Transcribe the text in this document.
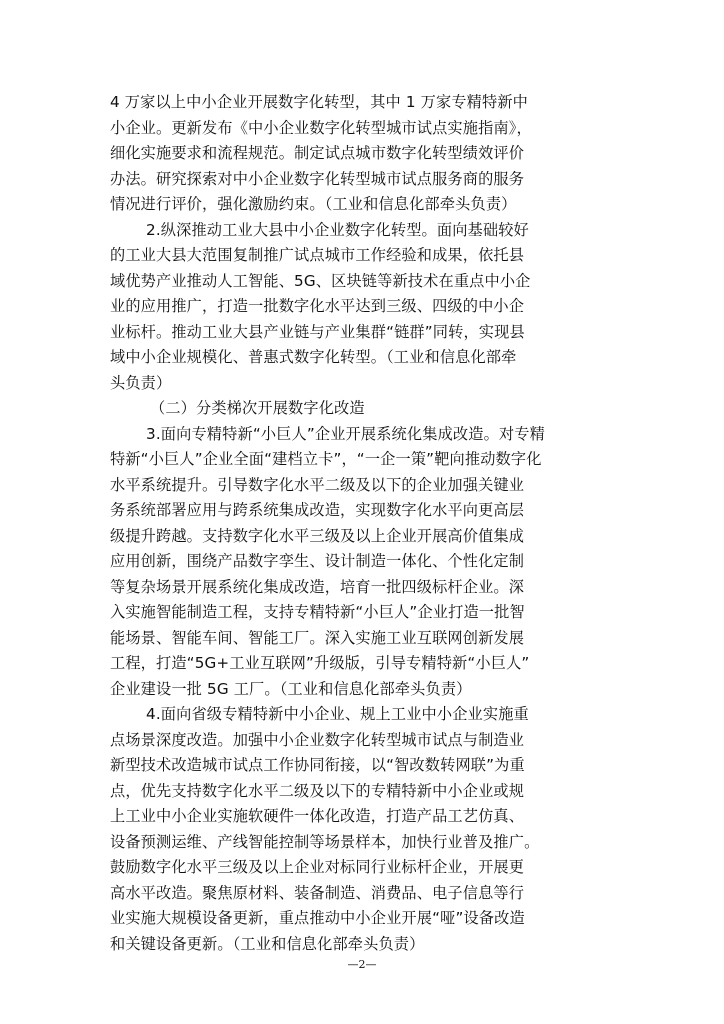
4 万家以上中小企业开展数字化转型，其中 1 万家专精特新中
小企业。更新发布《中小企业数字化转型城市试点实施指南》，
细化实施要求和流程规范。制定试点城市数字化转型绩效评价
办法。研究探索对中小企业数字化转型城市试点服务商的服务
情况进行评价，强化激励约束。（工业和信息化部牵头负责）
2.纵深推动工业大县中小企业数字化转型。面向基础较好
的工业大县大范围复制推广试点城市工作经验和成果，依托县
域优势产业推动人工智能、5G、区块链等新技术在重点中小企
业的应用推广，打造一批数字化水平达到三级、四级的中小企
业标杆。推动工业大县产业链与产业集群“链群”同转，实现县
域中小企业规模化、普惠式数字化转型。（工业和信息化部牵
头负责）
（二）分类梯次开展数字化改造
3.面向专精特新“小巨人”企业开展系统化集成改造。对专精
特新“小巨人”企业全面“建档立卡”，“一企一策”靶向推动数字化
水平系统提升。引导数字化水平二级及以下的企业加强关键业
务系统部署应用与跨系统集成改造，实现数字化水平向更高层
级提升跨越。支持数字化水平三级及以上企业开展高价值集成
应用创新，围绕产品数字孪生、设计制造一体化、个性化定制
等复杂场景开展系统化集成改造，培育一批四级标杆企业。深
入实施智能制造工程，支持专精特新“小巨人”企业打造一批智
能场景、智能车间、智能工厂。深入实施工业互联网创新发展
工程，打造“5G+工业互联网”升级版，引导专精特新“小巨人”
企业建设一批 5G 工厂。（工业和信息化部牵头负责）
4.面向省级专精特新中小企业、规上工业中小企业实施重
点场景深度改造。加强中小企业数字化转型城市试点与制造业
新型技术改造城市试点工作协同衔接，以“智改数转网联”为重
点，优先支持数字化水平二级及以下的专精特新中小企业或规
上工业中小企业实施软硬件一体化改造，打造产品工艺仿真、
设备预测运维、产线智能控制等场景样本，加快行业普及推广。
鼓励数字化水平三级及以上企业对标同行业标杆企业，开展更
高水平改造。聚焦原材料、装备制造、消费品、电子信息等行
业实施大规模设备更新，重点推动中小企业开展“哑”设备改造
和关键设备更新。（工业和信息化部牵头负责）
—2—
